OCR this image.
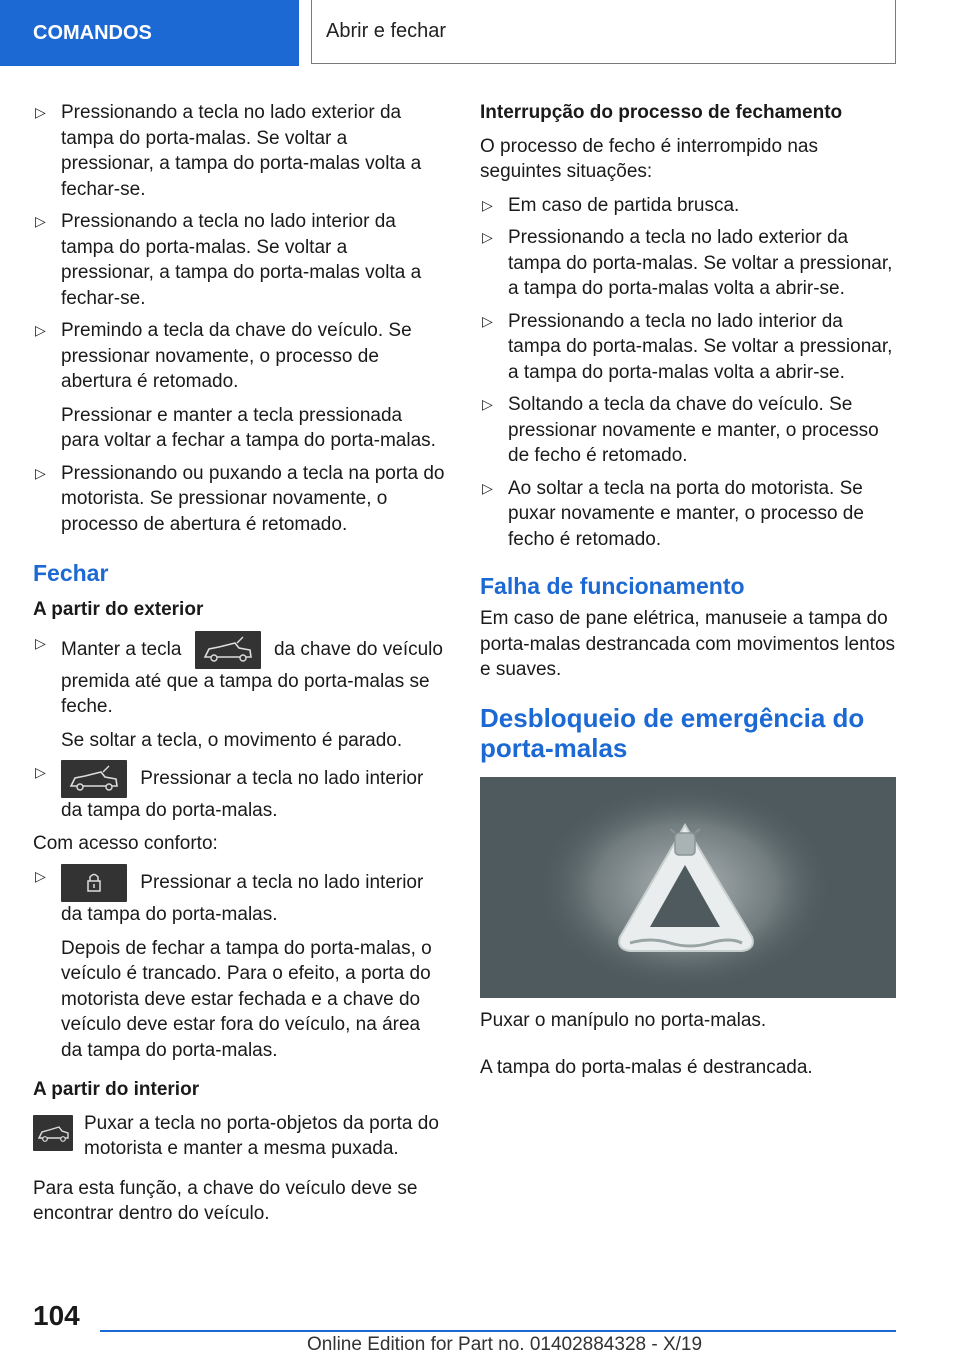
COMANDOS	Abrir e fechar
▷ Pressionando a tecla no lado exterior da tampa do porta-malas. Se voltar a pressionar, a tampa do porta-malas volta a fechar-se.

▷ Pressionando a tecla no lado interior da tampa do porta-malas. Se voltar a pressionar, a tampa do porta-malas volta a fechar-se.

▷ Premindo a tecla da chave do veículo. Se pressionar novamente, o processo de abertura é retomado.

Pressionar e manter a tecla pressionada para voltar a fechar a tampa do porta-malas.

▷ Pressionando ou puxando a tecla na porta do motorista. Se pressionar novamente, o processo de abertura é retomado.

Fechar
A partir do exterior
▷ Manter a tecla	da chave do veículo premida até que a tampa do porta-malas se feche.

Se soltar a tecla, o movimento é parado.

▷	Pressionar a tecla no lado interior da tampa do porta-malas.

Com acesso conforto:

▷	Pressionar a tecla no lado interior da tampa do porta-malas.

Depois de fechar a tampa do porta-malas, o veículo é trancado. Para o efeito, a porta do motorista deve estar fechada e a chave do veículo deve estar fora do veículo, na área da tampa do porta-malas.

A partir do interior

Puxar a tecla no porta-objetos da porta do motorista e manter a mesma puxada.

Para esta função, a chave do veículo deve se encontrar dentro do veículo.

Interrupção do processo de fechamento

O processo de fecho é interrompido nas seguintes situações:

▷ Em caso de partida brusca.

▷ Pressionando a tecla no lado exterior da tampa do porta-malas. Se voltar a pressionar, a tampa do porta-malas volta a abrir-se.

▷ Pressionando a tecla no lado interior da tampa do porta-malas. Se voltar a pressionar, a tampa do porta-malas volta a abrir-se.

▷ Soltando a tecla da chave do veículo. Se pressionar novamente e manter, o processo de fecho é retomado.

▷ Ao soltar a tecla na porta do motorista. Se puxar novamente e manter, o processo de fecho é retomado.

Falha de funcionamento

Em caso de pane elétrica, manuseie a tampa do porta-malas destrancada com movimentos lentos e suaves.

Desbloqueio de emergência do porta-malas

Puxar o manípulo no porta-malas.

A tampa do porta-malas é destrancada.

104
Online Edition for Part no. 01402884328 - X/19
